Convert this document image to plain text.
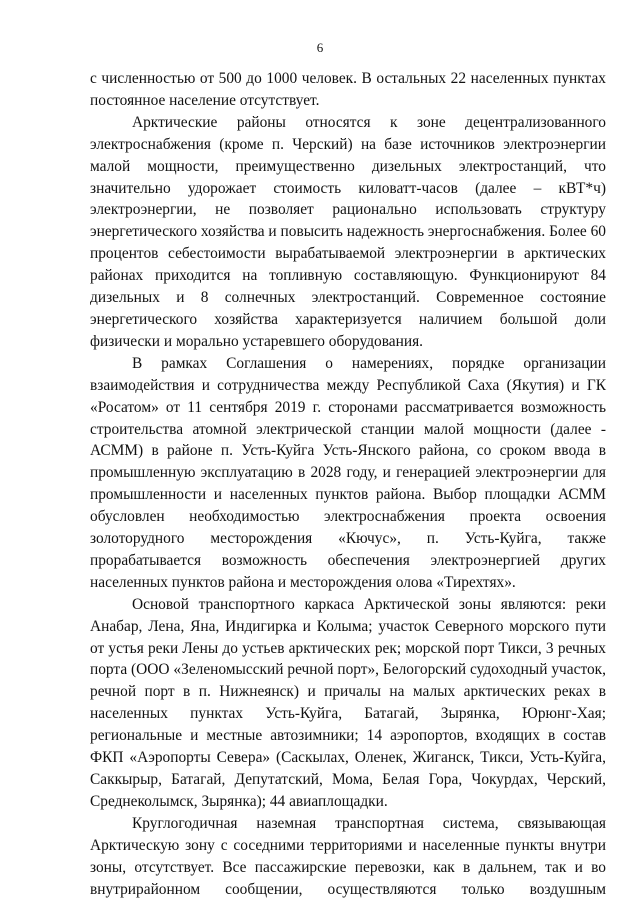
6

с численностью от 500 до 1000 человек. В остальных 22 населенных пунктах постоянное население отсутствует.

Арктические районы относятся к зоне децентрализованного электроснабжения (кроме п. Черский) на базе источников электроэнергии малой мощности, преимущественно дизельных электростанций, что значительно удорожает стоимость киловатт-часов (далее – кВТ*ч) электроэнергии, не позволяет рационально использовать структуру энергетического хозяйства и повысить надежность энергоснабжения. Более 60 процентов себестоимости вырабатываемой электроэнергии в арктических районах приходится на топливную составляющую. Функционируют 84 дизельных и 8 солнечных электростанций. Современное состояние энергетического хозяйства характеризуется наличием большой доли физически и морально устаревшего оборудования.

В рамках Соглашения о намерениях, порядке организации взаимодействия и сотрудничества между Республикой Саха (Якутия) и ГК «Росатом» от 11 сентября 2019 г. сторонами рассматривается возможность строительства атомной электрической станции малой мощности (далее - АСММ) в районе п. Усть-Куйга Усть-Янского района, со сроком ввода в промышленную эксплуатацию в 2028 году, и генерацией электроэнергии для промышленности и населенных пунктов района. Выбор площадки АСММ обусловлен необходимостью электроснабжения проекта освоения золоторудного месторождения «Кючус», п. Усть-Куйга, также прорабатывается возможность обеспечения электроэнергией других населенных пунктов района и месторождения олова «Тирехтях».

Основой транспортного каркаса Арктической зоны являются: реки Анабар, Лена, Яна, Индигирка и Колыма; участок Северного морского пути от устья реки Лены до устьев арктических рек; морской порт Тикси, 3 речных порта (ООО «Зеленомысский речной порт», Белогорский судоходный участок, речной порт в п. Нижнеянск) и причалы на малых арктических реках в населенных пунктах Усть-Куйга, Батагай, Зырянка, Юрюнг-Хая; региональные и местные автозимники; 14 аэропортов, входящих в состав ФКП «Аэропорты Севера» (Саскылах, Оленек, Жиганск, Тикси, Усть-Куйга, Саккырыр, Батагай, Депутатский, Мома, Белая Гора, Чокурдах, Черский, Среднеколымск, Зырянка); 44 авиаплощадки.

Круглогодичная наземная транспортная система, связывающая Арктическую зону с соседними территориями и населенные пункты внутри зоны, отсутствует. Все пассажирские перевозки, как в дальнем, так и во внутрирайонном сообщении, осуществляются только воздушным
